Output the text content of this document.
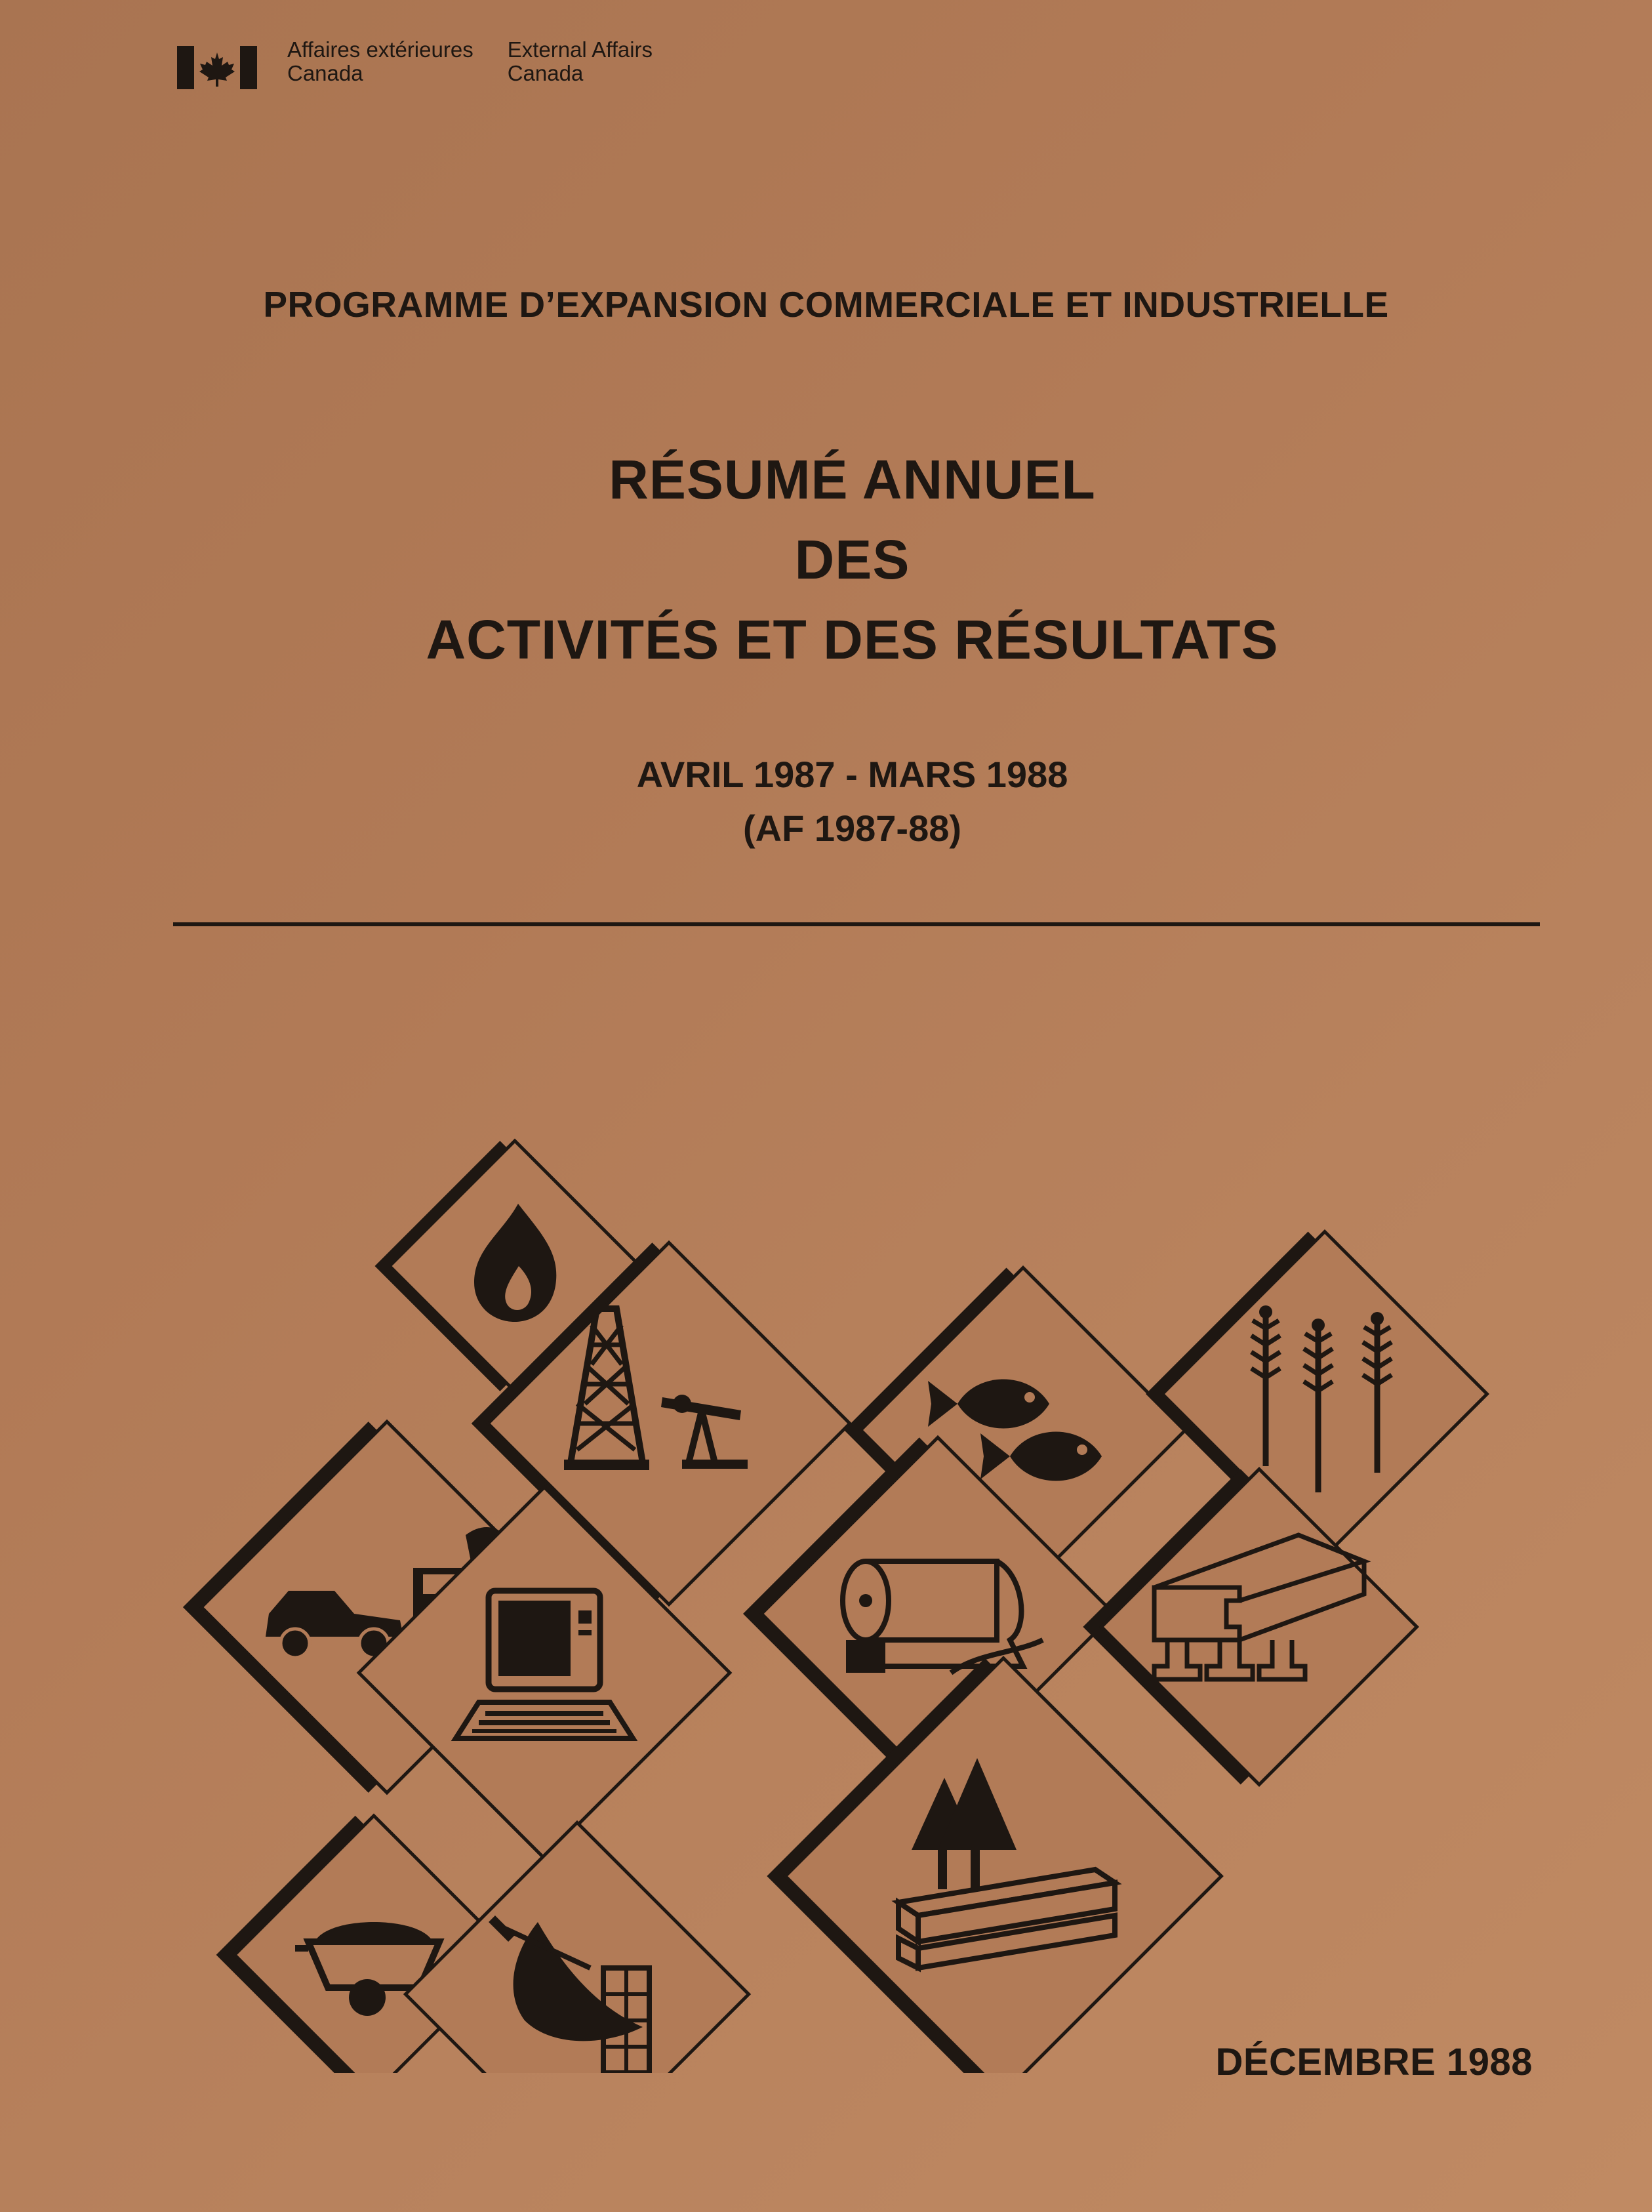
Affaires extérieures
Canada
External Affairs
Canada
PROGRAMME D’EXPANSION COMMERCIALE ET INDUSTRIELLE
RÉSUMÉ ANNUEL
DES
ACTIVITÉS ET DES RÉSULTATS
AVRIL 1987 - MARS 1988
(AF 1987-88)
DÉCEMBRE 1988
